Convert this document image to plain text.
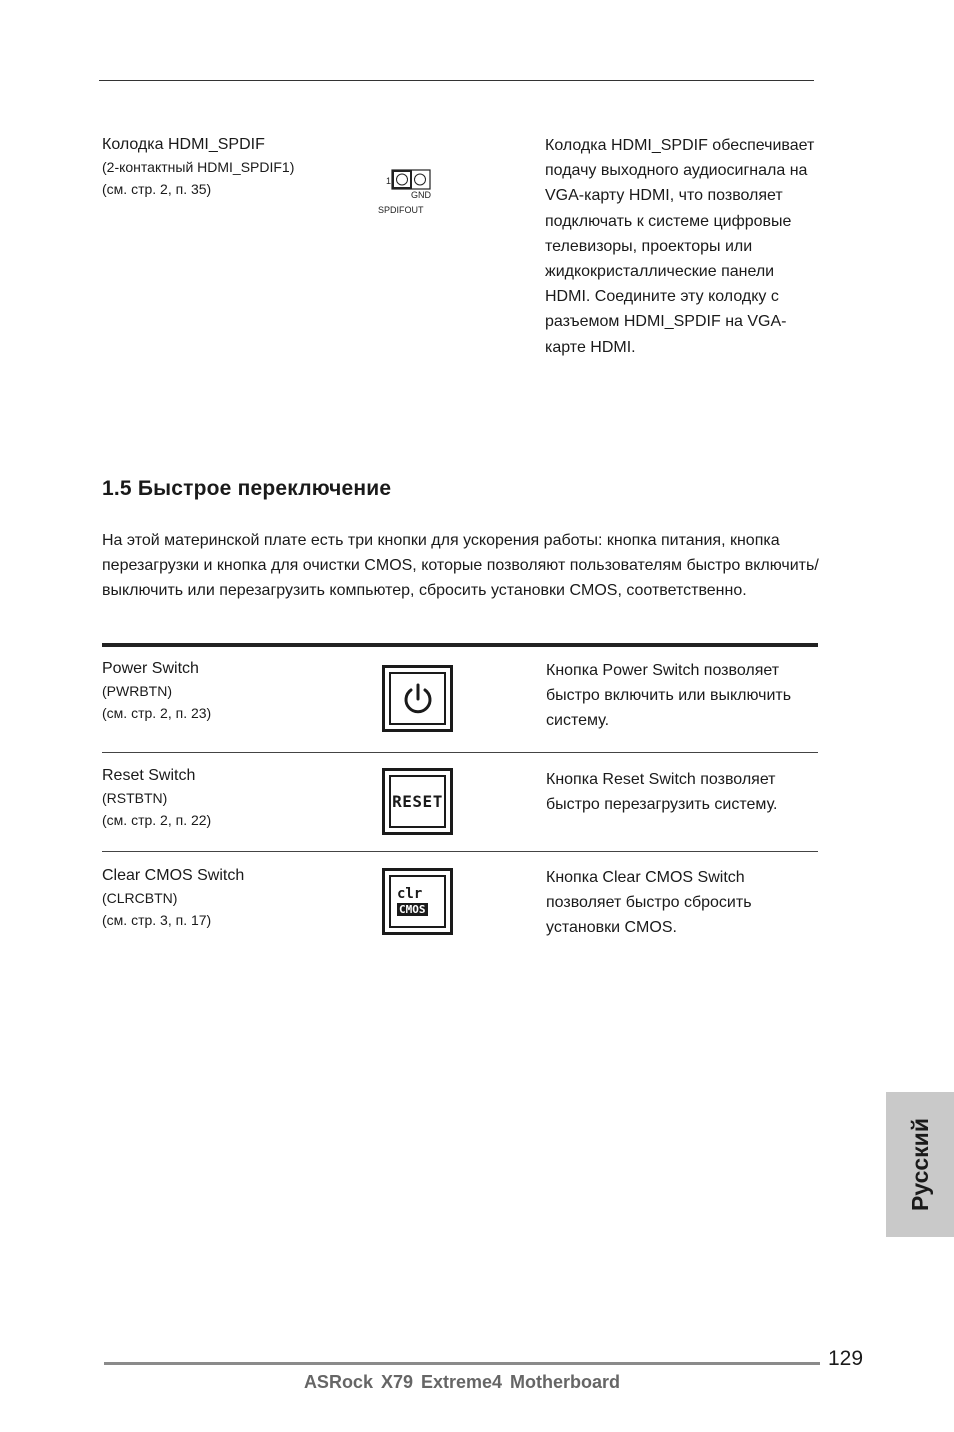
Колодка HDMI_SPDIF
(2-контактный HDMI_SPDIF1)
(см. стр. 2, п. 35)	1
GND
SPDIFOUT
Колодка HDMI_SPDIF обеспечивает подачу выходного аудиосигнала на VGA-карту HDMI, что позволяет подключать к системе цифровые телевизоры, проекторы или жидкокристаллические панели HDMI. Соедините эту колодку с разъемом HDMI_SPDIF на VGA-карте HDMI.
1.5 Быстрое переключение
На этой материнской плате есть три кнопки для ускорения работы: кнопка питания, кнопка перезагрузки и кнопка для очистки CMOS, которые позволяют пользователям быстро включить/выключить или перезагрузить компьютер, сбросить установки CMOS, соответственно.
Power Switch
(PWRBTN)
(см. стр. 2, п. 23)
Кнопка Power Switch позволяет быстро включить или выключить систему.
Reset Switch
(RSTBTN)
(см. стр. 2, п. 22)
RESET
Кнопка Reset Switch позволяет быстро перезагрузить систему.
Clear CMOS Switch
(CLRCBTN)
(см. стр. 3, п. 17)
clr
CMOS
Кнопка Clear CMOS Switch позволяет быстро сбросить установки CMOS.
Русский
129
ASRock X79 Extreme4 Motherboard
